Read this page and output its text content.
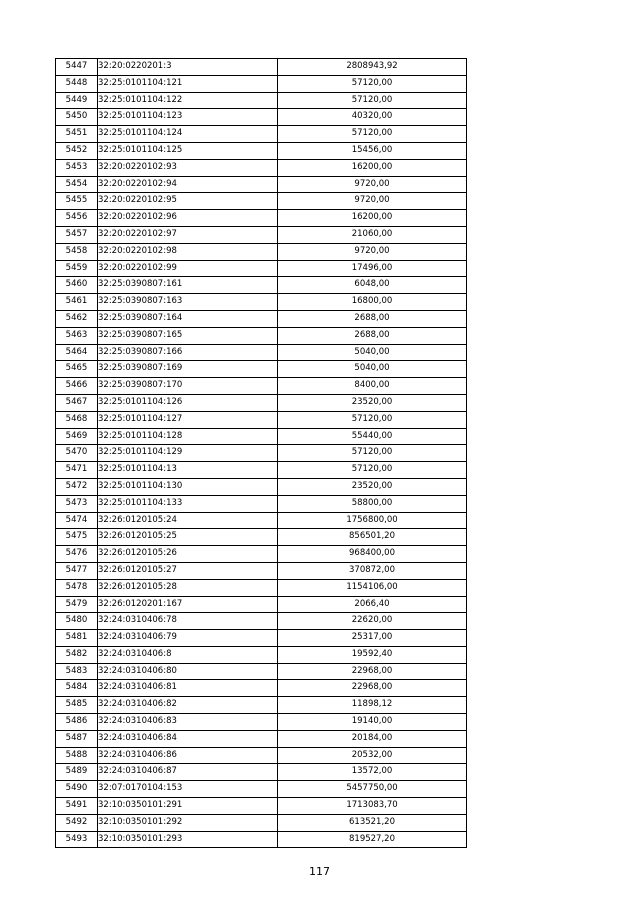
5447	32:20:0220201:3	2808943,92
5448	32:25:0101104:121	57120,00
5449	32:25:0101104:122	57120,00
5450	32:25:0101104:123	40320,00
5451	32:25:0101104:124	57120,00
5452	32:25:0101104:125	15456,00
5453	32:20:0220102:93	16200,00
5454	32:20:0220102:94	9720,00
5455	32:20:0220102:95	9720,00
5456	32:20:0220102:96	16200,00
5457	32:20:0220102:97	21060,00
5458	32:20:0220102:98	9720,00
5459	32:20:0220102:99	17496,00
5460	32:25:0390807:161	6048,00
5461	32:25:0390807:163	16800,00
5462	32:25:0390807:164	2688,00
5463	32:25:0390807:165	2688,00
5464	32:25:0390807:166	5040,00
5465	32:25:0390807:169	5040,00
5466	32:25:0390807:170	8400,00
5467	32:25:0101104:126	23520,00
5468	32:25:0101104:127	57120,00
5469	32:25:0101104:128	55440,00
5470	32:25:0101104:129	57120,00
5471	32:25:0101104:13	57120,00
5472	32:25:0101104:130	23520,00
5473	32:25:0101104:133	58800,00
5474	32:26:0120105:24	1756800,00
5475	32:26:0120105:25	856501,20
5476	32:26:0120105:26	968400,00
5477	32:26:0120105:27	370872,00
5478	32:26:0120105:28	1154106,00
5479	32:26:0120201:167	2066,40
5480	32:24:0310406:78	22620,00
5481	32:24:0310406:79	25317,00
5482	32:24:0310406:8	19592,40
5483	32:24:0310406:80	22968,00
5484	32:24:0310406:81	22968,00
5485	32:24:0310406:82	11898,12
5486	32:24:0310406:83	19140,00
5487	32:24:0310406:84	20184,00
5488	32:24:0310406:86	20532,00
5489	32:24:0310406:87	13572,00
5490	32:07:0170104:153	5457750,00
5491	32:10:0350101:291	1713083,70
5492	32:10:0350101:292	613521,20
5493	32:10:0350101:293	819527,20
117
